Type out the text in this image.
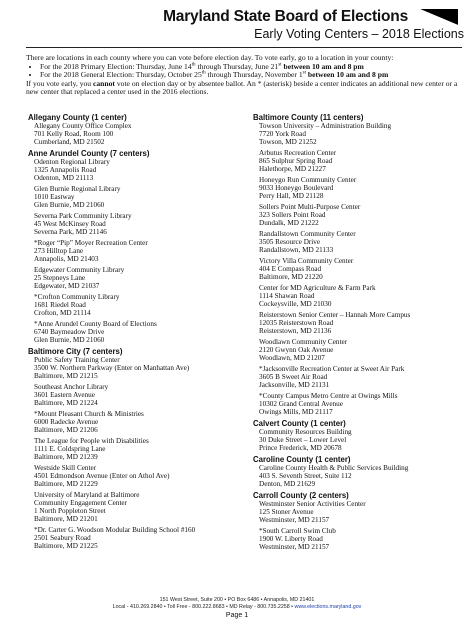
Maryland State Board of Elections
Early Voting Centers – 2018 Elections

There are locations in each county where you can vote before election day. To vote early, go to a location in your county:

• For the 2018 Primary Election: Thursday, June 14th through Thursday, June 21st between 10 am and 8 pm
• For the 2018 General Election: Thursday, October 25th through Thursday, November 1st between 10 am and 8 pm

If you vote early, you cannot vote on election day or by absentee ballot. An * (asterisk) beside a center indicates an additional new center or a new center that replaced a center used in the 2016 elections.

Allegany County (1 center)
Allegany County Office Complex
701 Kelly Road, Room 100
Cumberland, MD 21502
Anne Arundel County (7 centers)
Odenton Regional Library
1325 Annapolis Road
Odenton, MD 21113
Glen Burnie Regional Library
1010 Eastway
Glen Burnie, MD 21060
Severna Park Community Library
45 West McKinsey Road
Severna Park, MD 21146
*Roger “Pip” Moyer Recreation Center
273 Hilltop Lane
Annapolis, MD 21403
Edgewater Community Library
25 Stepneys Lane
Edgewater, MD 21037
*Crofton Community Library
1681 Riedel Road
Crofton, MD 21114
*Anne Arundel County Board of Elections
6740 Baymeadow Drive
Glen Burnie, MD 21060
Baltimore City (7 centers)
Public Safety Training Center
3500 W. Northern Parkway (Enter on Manhattan Ave)
Baltimore, MD 21215
Southeast Anchor Library
3601 Eastern Avenue
Baltimore, MD 21224
*Mount Pleasant Church & Ministries
6000 Radecke Avenue
Baltimore, MD 21206
The League for People with Disabilities
1111 E. Coldspring Lane
Baltimore, MD 21239
Westside Skill Center
4501 Edmondson Avenue (Enter on Athol Ave)
Baltimore, MD 21229
University of Maryland at Baltimore
Community Engagement Center
1 North Poppleton Street
Baltimore, MD 21201
*Dr. Carter G. Woodson Modular Building School #160
2501 Seabury Road
Baltimore, MD 21225
Baltimore County (11 centers)
Towson University – Administration Building
7720 York Road
Towson, MD 21252
Arbutus Recreation Center
865 Sulphur Spring Road
Halethorpe, MD 21227
Honeygo Run Community Center
9033 Honeygo Boulevard
Perry Hall, MD 21128
Sollers Point Multi-Purpose Center
323 Sollers Point Road
Dundalk, MD 21222
Randallstown Community Center
3505 Resource Drive
Randallstown, MD 21133
Victory Villa Community Center
404 E Compass Road
Baltimore, MD 21220
Center for MD Agriculture & Farm Park
1114 Shawan Road
Cockeysville, MD 21030
Reisterstown Senior Center – Hannah More Campus
12035 Reisterstown Road
Reisterstown, MD 21136
Woodlawn Community Center
2120 Gwynn Oak Avenue
Woodlawn, MD 21207
*Jacksonville Recreation Center at Sweet Air Park
3605 B Sweet Air Road
Jacksonville, MD 21131
*County Campus Metro Centre at Owings Mills
10302 Grand Central Avenue
Owings Mills, MD 21117
Calvert County (1 center)
Community Resources Building
30 Duke Street – Lower Level
Prince Frederick, MD 20678
Caroline County (1 center)
Caroline County Health & Public Services Building
403 S. Seventh Street, Suite 112
Denton, MD 21629
Carroll County (2 centers)
Westminster Senior Activities Center
125 Stoner Avenue
Westminster, MD 21157
*South Carroll Swim Club
1900 W. Liberty Road
Westminster, MD 21157
151 West Street, Suite 200 • PO Box 6486 • Annapolis, MD 21401
Local - 410.269.2840 • Toll Free - 800.222.8683 • MD Relay - 800.735.2258 • www.elections.maryland.gov
Page 1
